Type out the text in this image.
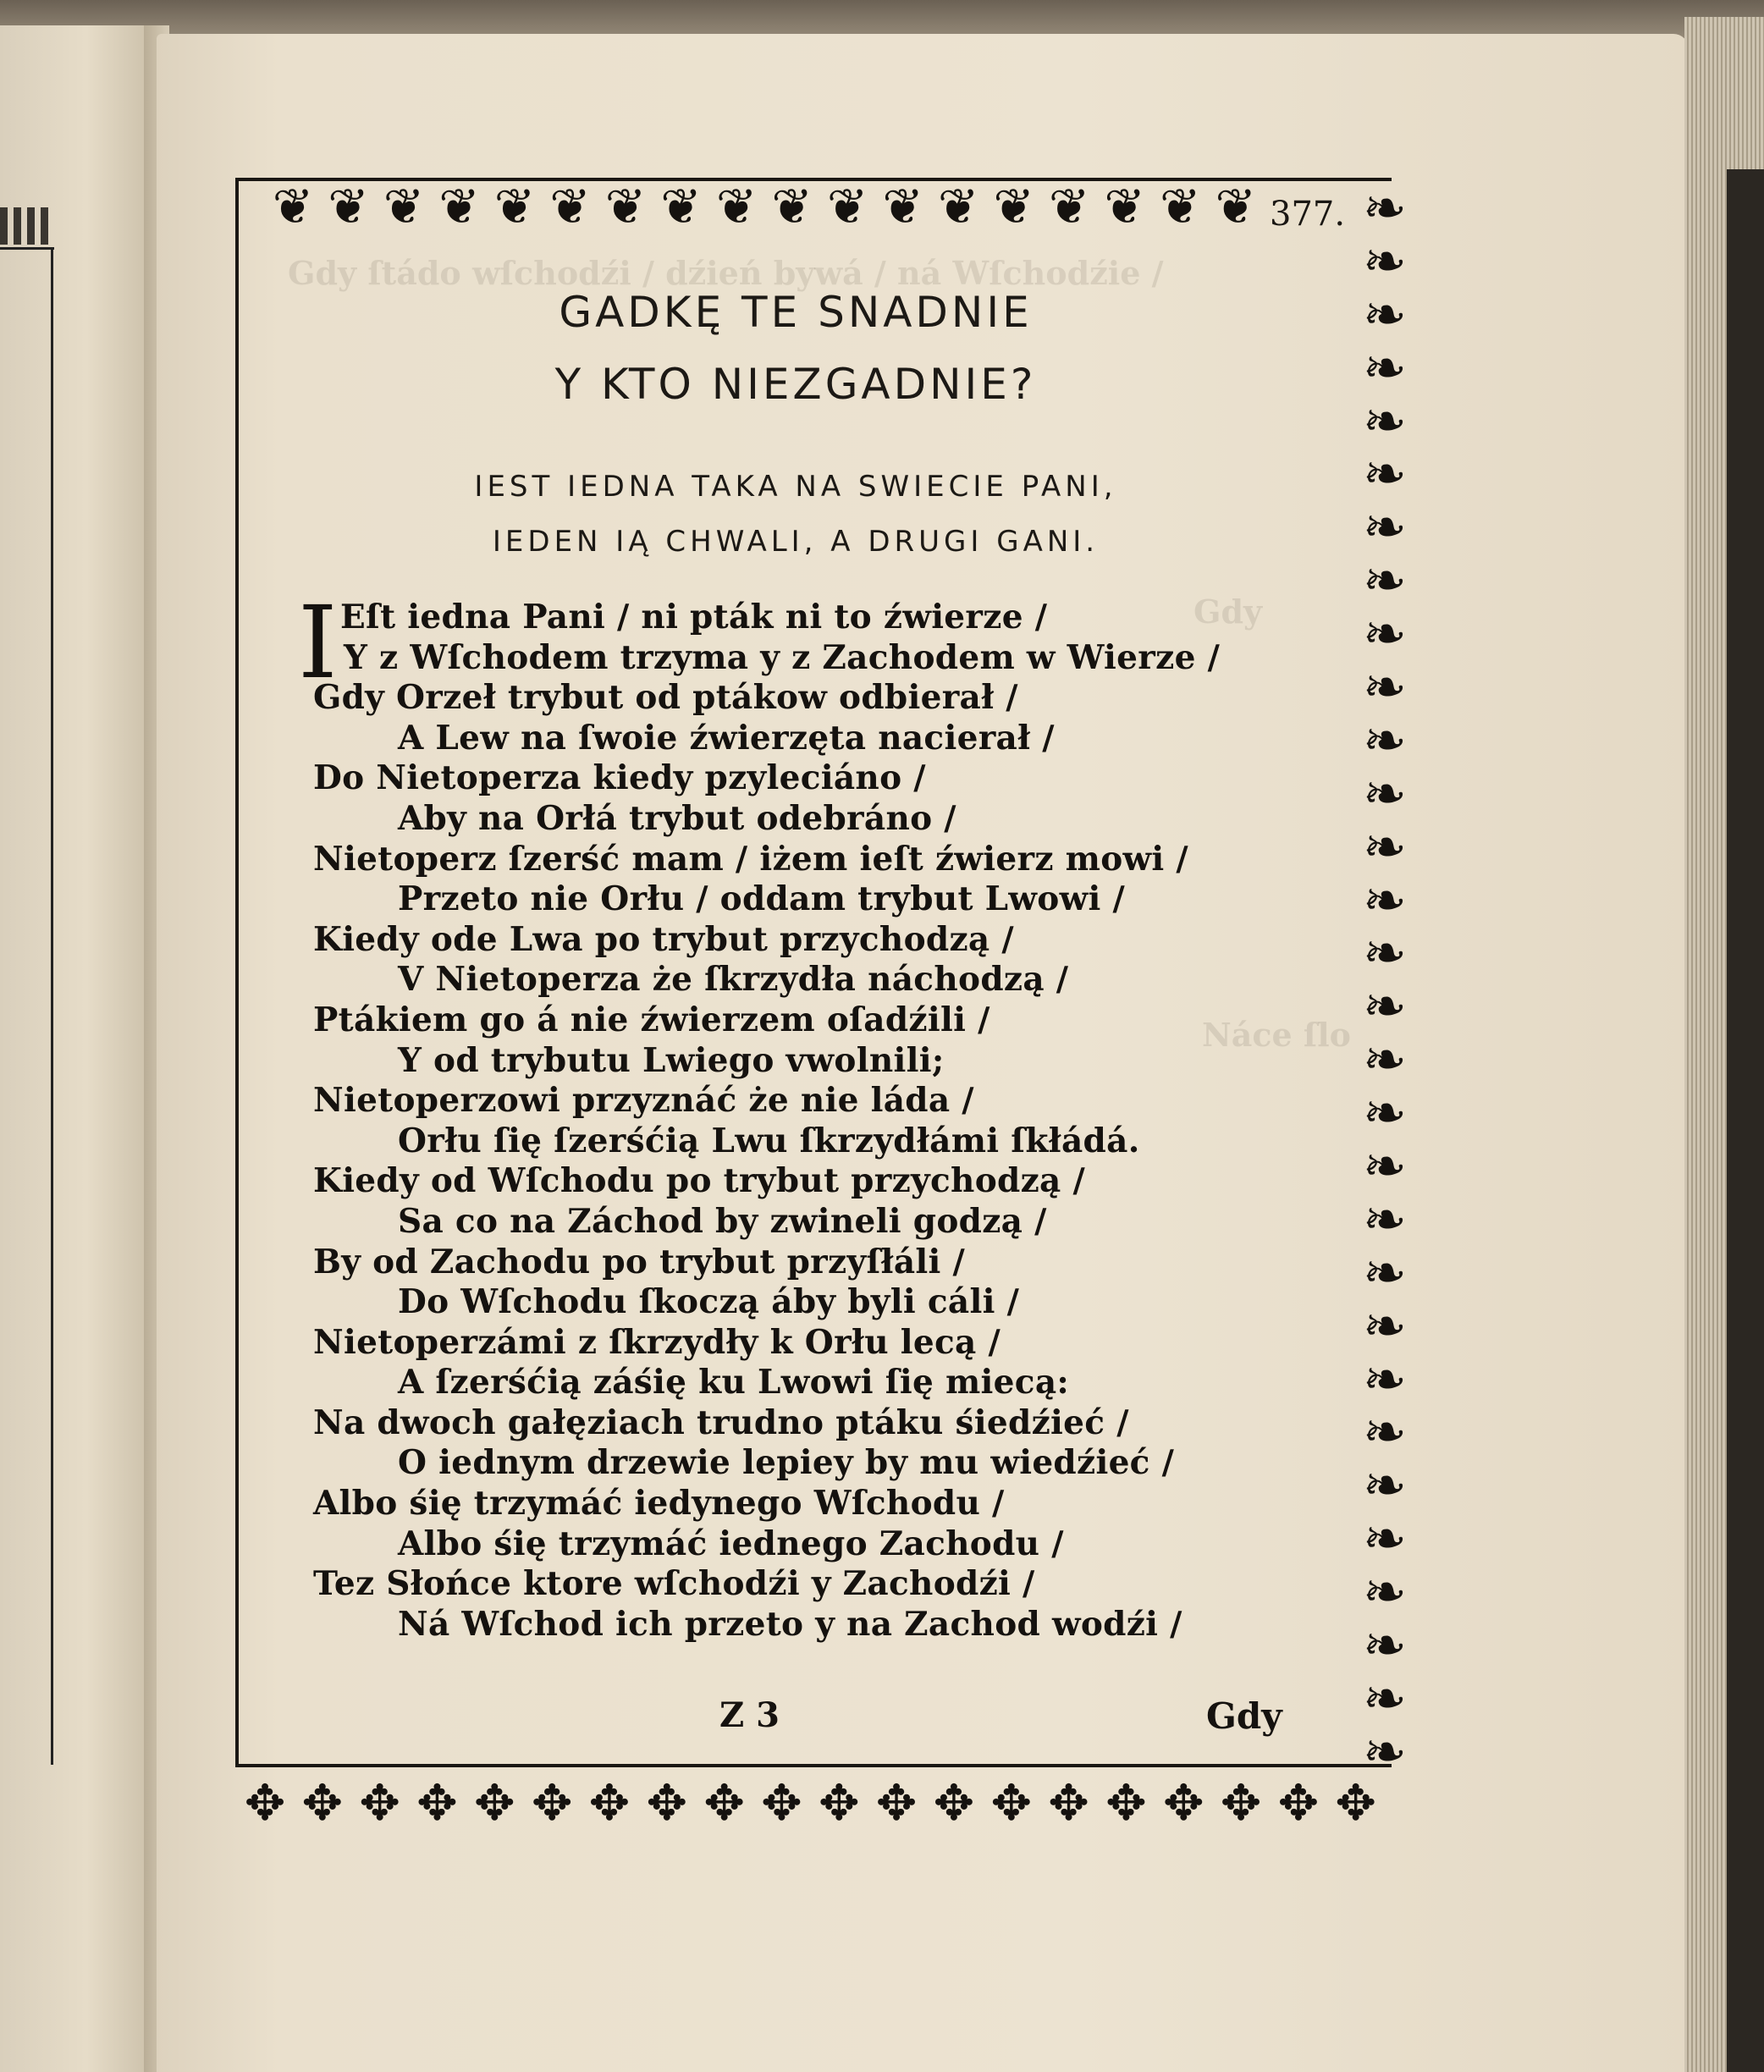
Gdy ſtádo wſchodźi / dźień bywá / ná Wſchodźie /
Gdy
Náce ſlo
❦ ❦ ❦ ❦ ❦ ❦ ❦ ❦ ❦ ❦ ❦ ❦ ❦ ❦ ❦ ❦ ❦ ❦ ❧
❧
❧
❧
❧
❧
❧
❧
❧
❧
❧
❧
❧
❧
❧
❧
❧
❧
❧
❧
❧
❧
❧
❧
❧
❧
❧
❧
❧
❧
377.
GADKĘ TE SNADNIE
Y KTO NIEZGADNIE?
IEST IEDNA TAKA NA SWIECIE PANI,
IEDEN IĄ CHWALI, A DRUGI GANI.
I Eſt iedna Pani / ni pták ni to źwierze /
Y z Wſchodem trzyma y z Zachodem w Wierze /
Gdy Orzeł trybut od ptákow odbierał /
A Lew na ſwoie źwierzęta nacierał /
Do Nietoperza kiedy pzyleciáno /
Aby na Orłá trybut odebráno /
Nietoperz ſzerść mam / iżem ieſt źwierz mowi /
Przeto nie Orłu / oddam trybut Lwowi /
Kiedy ode Lwa po trybut przychodzą /
V Nietoperza że ſkrzydła náchodzą /
Ptákiem go á nie źwierzem oſadźili /
Y od trybutu Lwiego vwolnili;
Nietoperzowi przyznáć że nie láda /
Orłu ſię ſzerśćią Lwu ſkrzydłámi ſkłádá.
Kiedy od Wſchodu po trybut przychodzą /
Sa co na Záchod by zwineli godzą /
By od Zachodu po trybut przyſłáli /
Do Wſchodu ſkoczą áby byli cáli /
Nietoperzámi z ſkrzydły k Orłu lecą /
A ſzerśćią záśię ku Lwowi ſię miecą:
Na dwoch gałęziach trudno ptáku śiedźieć /
O iednym drzewie lepiey by mu wiedźieć /
Albo śię trzymáć iedynego Wſchodu /
Albo śię trzymáć iednego Zachodu /
Tez Słońce ktore wſchodźi y Zachodźi /
Ná Wſchod ich przeto y na Zachod wodźi /
Z 3	Gdy
✥ ✥ ✥ ✥ ✥ ✥ ✥ ✥ ✥ ✥ ✥ ✥ ✥ ✥ ✥ ✥ ✥ ✥ ✥ ✥
